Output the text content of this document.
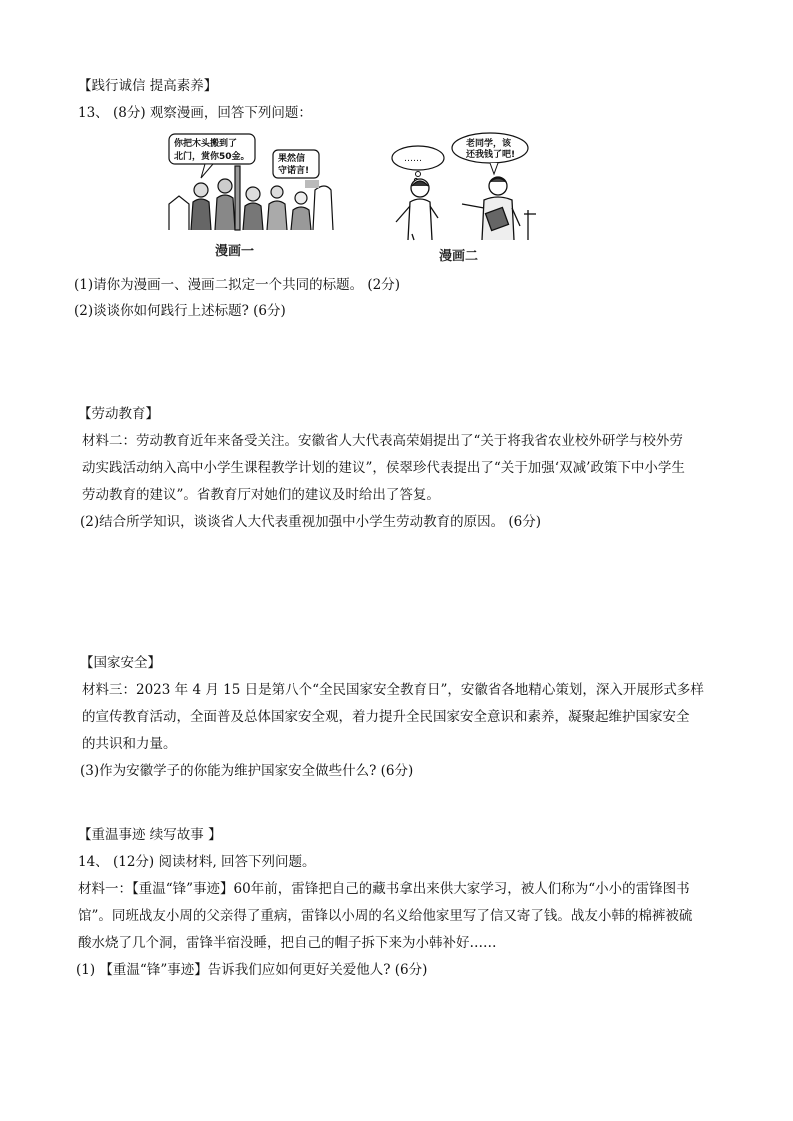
【践行诚信 提高素养】
13、 (8分) 观察漫画，回答下列问题：
你把木头搬到了
北门，赏你50金。	果然信
守诺言!
漫画一
……
老同学，该
还我钱了吧!
漫画二
(1)请你为漫画一、漫画二拟定一个共同的标题。 (2分)
(2)谈谈你如何践行上述标题? (6分)
【劳动教育】
材料二：劳动教育近年来备受关注。安徽省人大代表高荣娟提出了“关于将我省农业校外研学与校外劳
动实践活动纳入高中小学生课程教学计划的建议”，侯翠珍代表提出了“关于加强‘双减’政策下中小学生
劳动教育的建议”。省教育厅对她们的建议及时给出了答复。
(2)结合所学知识，谈谈省人大代表重视加强中小学生劳动教育的原因。 (6分)
【国家安全】
材料三：2023 年 4 月 15 日是第八个“全民国家安全教育日”，安徽省各地精心策划，深入开展形式多样
的宣传教育活动，全面普及总体国家安全观，着力提升全民国家安全意识和素养，凝聚起维护国家安全
的共识和力量。
(3)作为安徽学子的你能为维护国家安全做些什么? (6分)
【重温事迹 续写故事 】
14、 (12分) 阅读材料, 回答下列问题。
材料一：【重温“锋”事迹】60年前，雷锋把自己的藏书拿出来供大家学习，被人们称为“小小的雷锋图书
馆”。同班战友小周的父亲得了重病，雷锋以小周的名义给他家里写了信又寄了钱。战友小韩的棉裤被硫
酸水烧了几个洞，雷锋半宿没睡，把自己的帽子拆下来为小韩补好……
(1) 【重温“锋”事迹】告诉我们应如何更好关爱他人? (6分)
